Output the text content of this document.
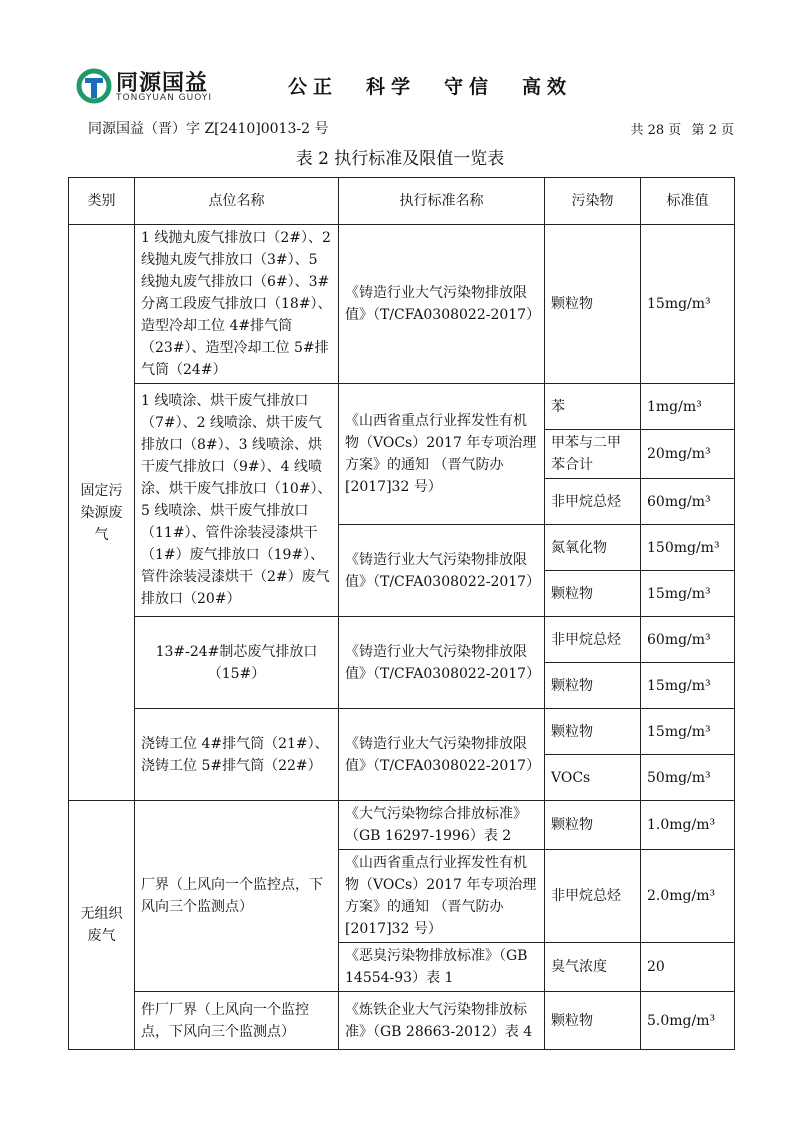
同源国益
TONGYUAN GUOYI	公正 科学 守信 高效
同源国益（晋）字 Z[2410]0013-2 号	共 28 页 第 2 页
表 2 执行标准及限值一览表
类别	点位名称	执行标准名称	污染物	标准值
固定污染源废气	1 线抛丸废气排放口（2#）、2 线抛丸废气排放口（3#）、5 线抛丸废气排放口（6#）、3#分离工段废气排放口（18#）、造型冷却工位 4#排气筒（23#）、造型冷却工位 5#排气筒（24#）	《铸造行业大气污染物排放限值》（T/CFA0308022-2017）	颗粒物	15mg/m³
	1 线喷涂、烘干废气排放口（7#）、2 线喷涂、烘干废气排放口（8#）、3 线喷涂、烘干废气排放口（9#）、4 线喷涂、烘干废气排放口（10#）、5 线喷涂、烘干废气排放口（11#）、管件涂装浸漆烘干（1#）废气排放口（19#）、管件涂装浸漆烘干（2#）废气排放口（20#）	《山西省重点行业挥发性有机物（VOCs）2017 年专项治理方案》的通知 （晋气防办[2017]32 号）	苯	1mg/m³
			甲苯与二甲苯合计	20mg/m³
			非甲烷总烃	60mg/m³
		《铸造行业大气污染物排放限值》（T/CFA0308022-2017）	氮氧化物	150mg/m³
			颗粒物	15mg/m³
	13#-24#制芯废气排放口（15#）	《铸造行业大气污染物排放限值》（T/CFA0308022-2017）	非甲烷总烃	60mg/m³
			颗粒物	15mg/m³
	浇铸工位 4#排气筒（21#）、浇铸工位 5#排气筒（22#）	《铸造行业大气污染物排放限值》（T/CFA0308022-2017）	颗粒物	15mg/m³
			VOCs	50mg/m³
无组织废气	厂界（上风向一个监控点，下风向三个监测点）	《大气污染物综合排放标准》（GB 16297-1996）表 2	颗粒物	1.0mg/m³
		《山西省重点行业挥发性有机物（VOCs）2017 年专项治理方案》的通知 （晋气防办[2017]32 号）	非甲烷总烃	2.0mg/m³
		《恶臭污染物排放标准》（GB 14554-93）表 1	臭气浓度	20
	件厂厂界（上风向一个监控点，下风向三个监测点）	《炼铁企业大气污染物排放标准》（GB 28663-2012）表 4	颗粒物	5.0mg/m³
